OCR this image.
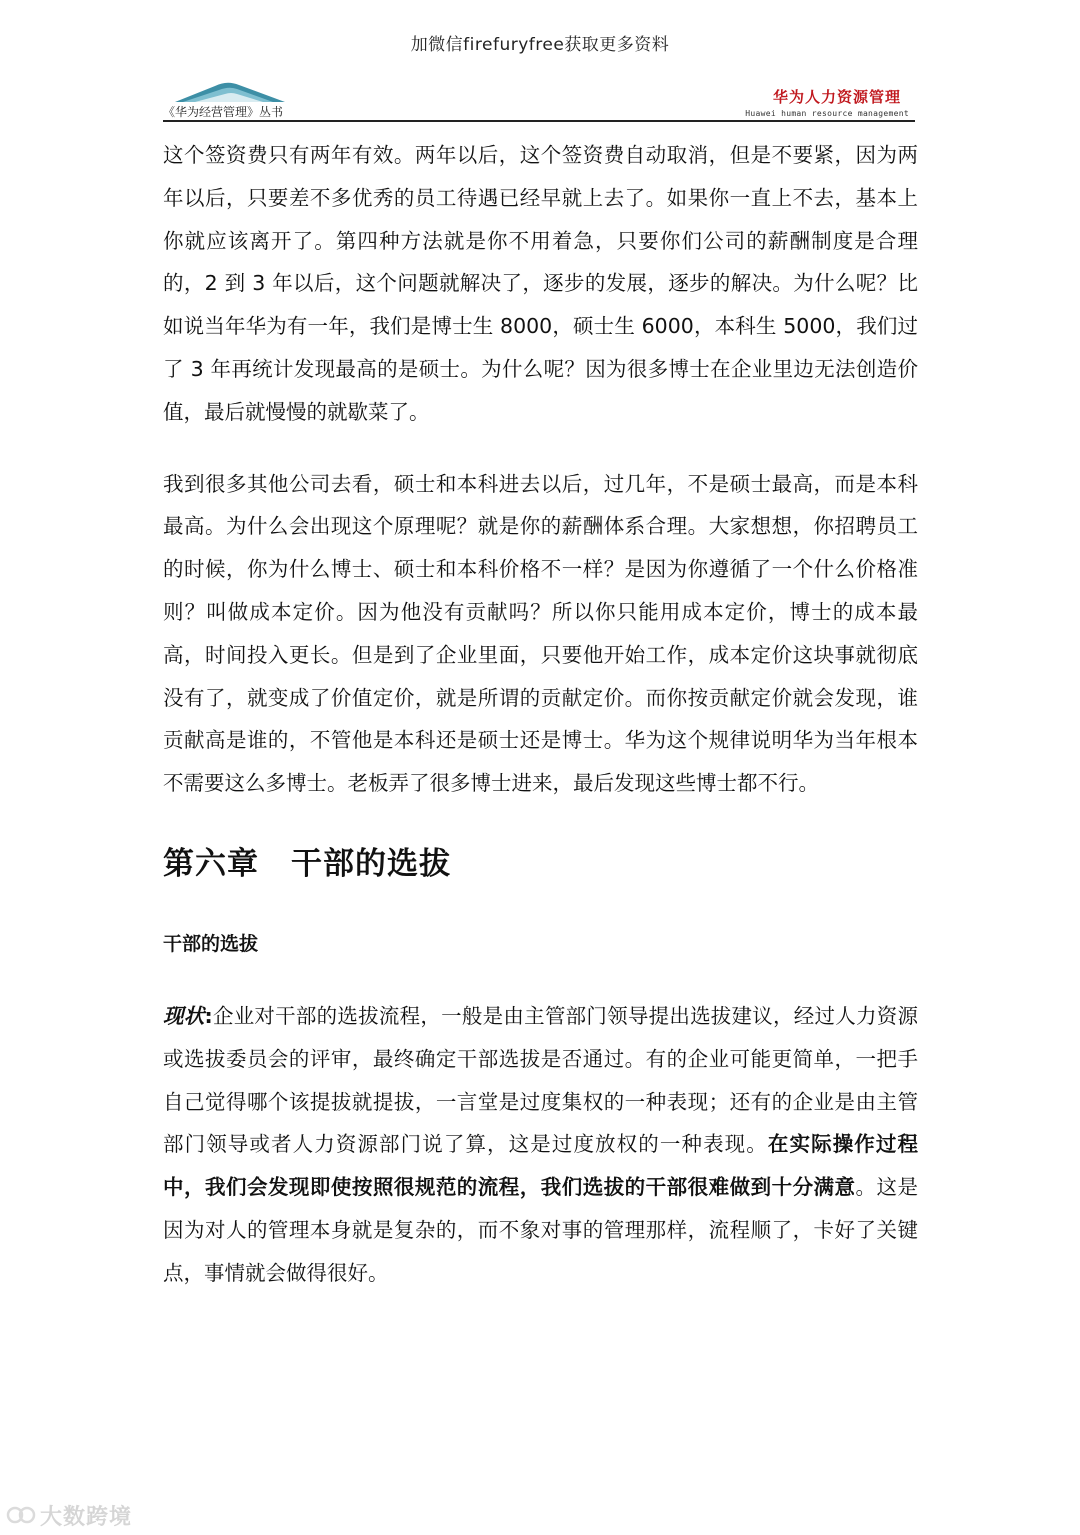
加微信firefuryfree获取更多资料
《华为经营管理》丛书
华为人力资源管理
Huawei human resource management

这个签资费只有两年有效。两年以后，这个签资费自动取消，但是不要紧，因为两年以后，只要差不多优秀的员工待遇已经早就上去了。如果你一直上不去，基本上你就应该离开了。第四种方法就是你不用着急，只要你们公司的薪酬制度是合理的，2 到 3 年以后，这个问题就解决了，逐步的发展，逐步的解决。为什么呢？比如说当年华为有一年，我们是博士生 8000，硕士生 6000，本科生 5000，我们过了 3 年再统计发现最高的是硕士。为什么呢？因为很多博士在企业里边无法创造价值，最后就慢慢的就歇菜了。

我到很多其他公司去看，硕士和本科进去以后，过几年，不是硕士最高，而是本科最高。为什么会出现这个原理呢？就是你的薪酬体系合理。大家想想，你招聘员工的时候，你为什么博士、硕士和本科价格不一样？是因为你遵循了一个什么价格准则？叫做成本定价。因为他没有贡献吗？所以你只能用成本定价，博士的成本最高，时间投入更长。但是到了企业里面，只要他开始工作，成本定价这块事就彻底没有了，就变成了价值定价，就是所谓的贡献定价。而你按贡献定价就会发现，谁贡献高是谁的，不管他是本科还是硕士还是博士。华为这个规律说明华为当年根本不需要这么多博士。老板弄了很多博士进来，最后发现这些博士都不行。

第六章　干部的选拔
干部的选拔

现状:企业对干部的选拔流程，一般是由主管部门领导提出选拔建议，经过人力资源或选拔委员会的评审，最终确定干部选拔是否通过。有的企业可能更简单，一把手自己觉得哪个该提拔就提拔，一言堂是过度集权的一种表现；还有的企业是由主管部门领导或者人力资源部门说了算，这是过度放权的一种表现。在实际操作过程中，我们会发现即使按照很规范的流程，我们选拔的干部很难做到十分满意。这是因为对人的管理本身就是复杂的，而不象对事的管理那样，流程顺了，卡好了关键点，事情就会做得很好。

大数跨境
